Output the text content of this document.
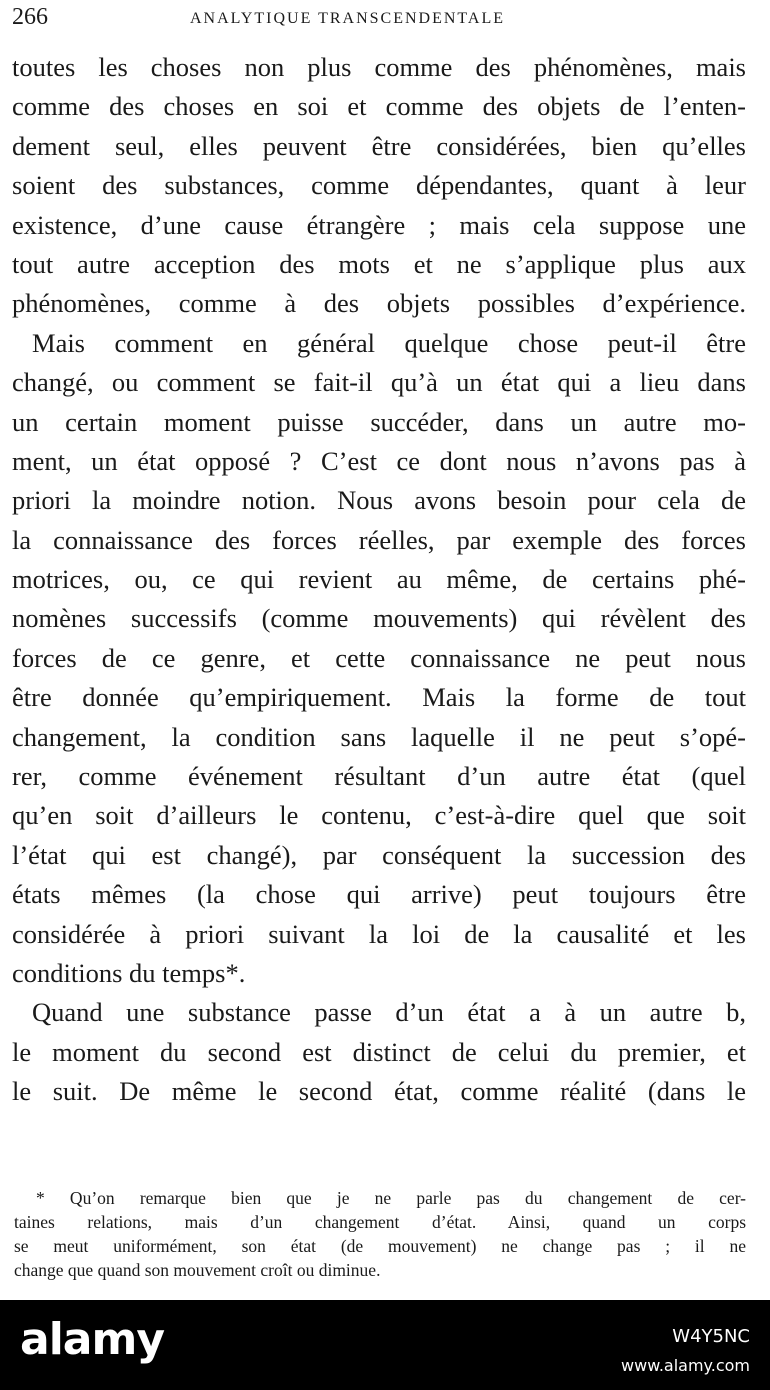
266	ANALYTIQUE TRANSCENDENTALE
toutes les choses non plus comme des phénomènes, mais
comme des choses en soi et comme des objets de l’enten-
dement seul, elles peuvent être considérées, bien qu’elles
soient des substances, comme dépendantes, quant à leur
existence, d’une cause étrangère ; mais cela suppose une
tout autre acception des mots et ne s’applique plus aux
phénomènes, comme à des objets possibles d’expérience.
Mais comment en général quelque chose peut-il être
changé, ou comment se fait-il qu’à un état qui a lieu dans
un certain moment puisse succéder, dans un autre mo-
ment, un état opposé ? C’est ce dont nous n’avons pas à
priori la moindre notion. Nous avons besoin pour cela de
la connaissance des forces réelles, par exemple des forces
motrices, ou, ce qui revient au même, de certains phé-
nomènes successifs (comme mouvements) qui révèlent des
forces de ce genre, et cette connaissance ne peut nous
être donnée qu’empiriquement. Mais la forme de tout
changement, la condition sans laquelle il ne peut s’opé-
rer, comme événement résultant d’un autre état (quel
qu’en soit d’ailleurs le contenu, c’est-à-dire quel que soit
l’état qui est changé), par conséquent la succession des
états mêmes (la chose qui arrive) peut toujours être
considérée à priori suivant la loi de la causalité et les
conditions du temps*.
Quand une substance passe d’un état a à un autre b,
le moment du second est distinct de celui du premier, et
le suit. De même le second état, comme réalité (dans le
* Qu’on remarque bien que je ne parle pas du changement de cer-
taines relations, mais d’un changement d’état. Ainsi, quand un corps
se meut uniformément, son état (de mouvement) ne change pas ; il ne
change que quand son mouvement croît ou diminue.
alamy	W4Y5NC
www.alamy.com
